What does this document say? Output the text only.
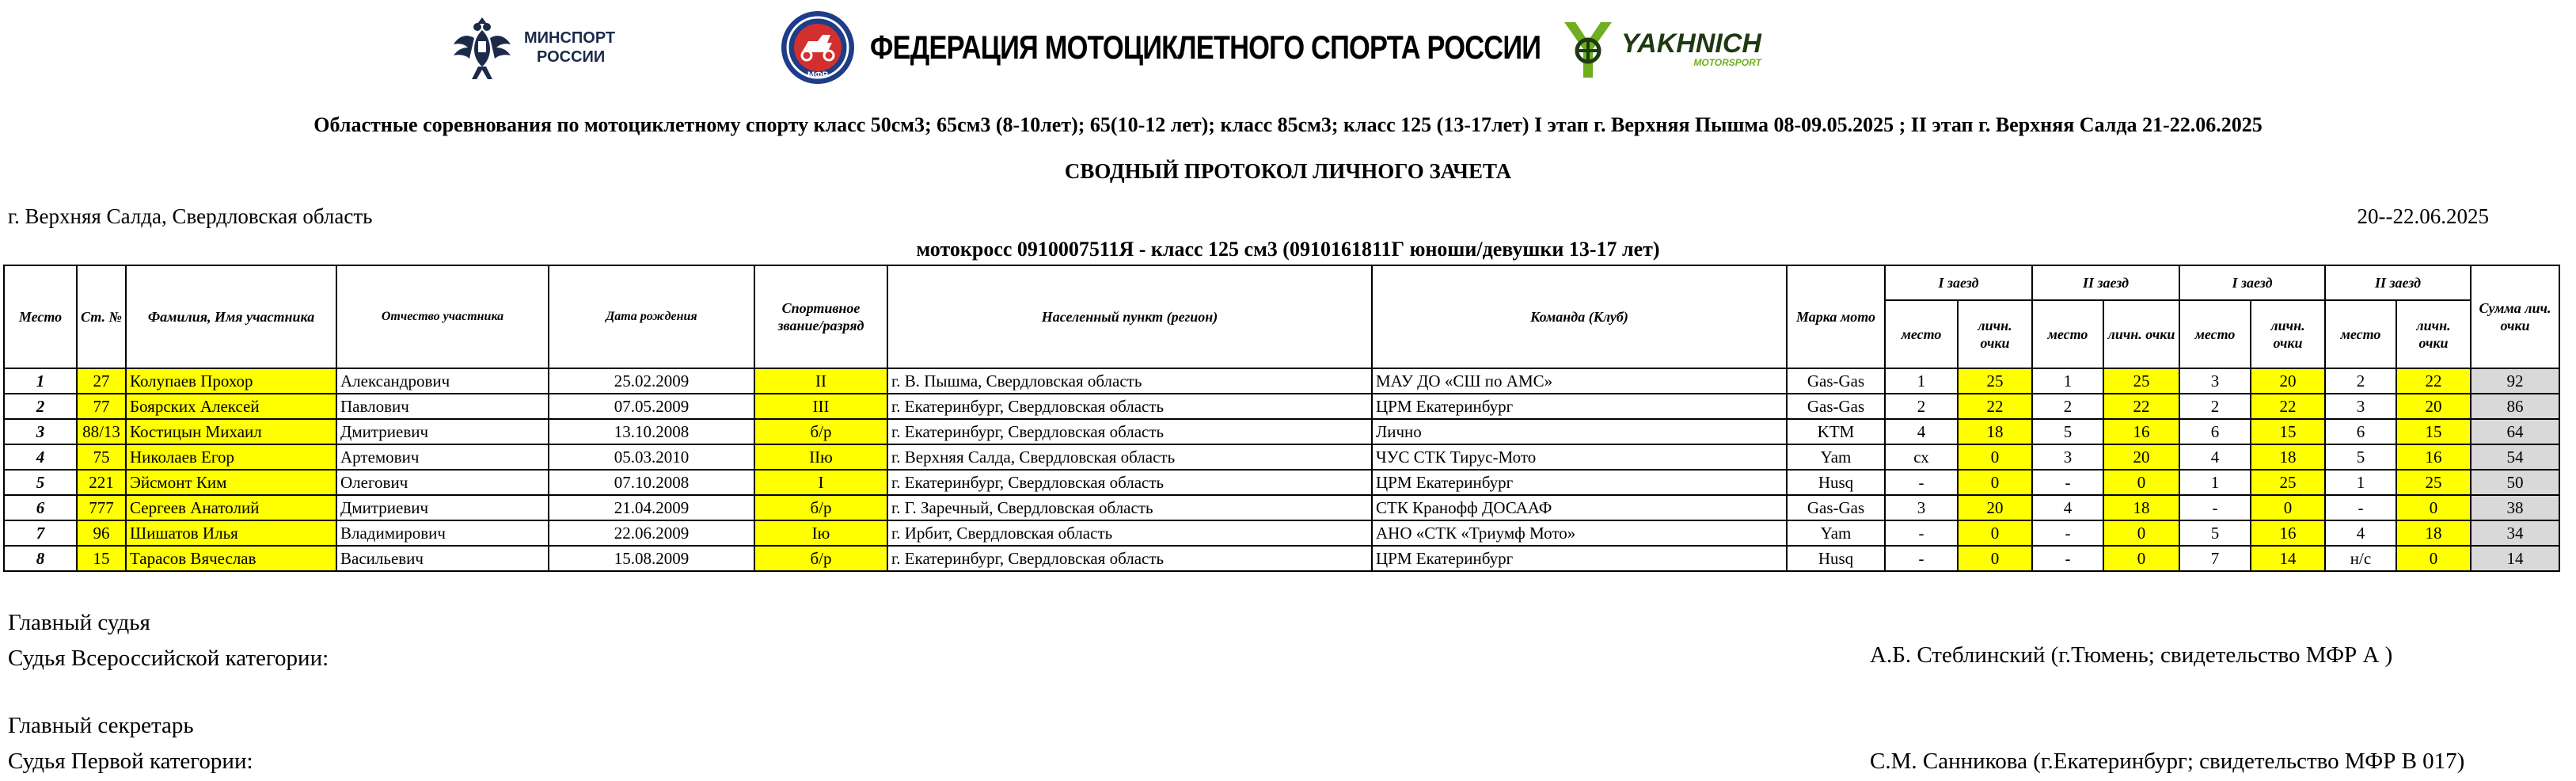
МИНСПОРТ
РОССИИ
МФР
ФЕДЕРАЦИЯ МОТОЦИКЛЕТНОГО СПОРТА РОССИИ	YAKHNICH
MOTORSPORT
Областные соревнования по мотоциклетному спорту класс 50см3; 65см3 (8-10лет); 65(10-12 лет); класс 85см3; класс 125 (13-17лет) I этап г. Верхняя Пышма 08-09.05.2025 ; II этап г. Верхняя Салда 21-22.06.2025
СВОДНЫЙ ПРОТОКОЛ ЛИЧНОГО ЗАЧЕТА
г. Верхняя Салда, Свердловская область	20--22.06.2025
мотокросс 0910007511Я - класс 125 см3 (0910161811Г юноши/девушки 13-17 лет)
Место	Ст. №	Фамилия, Имя участника	Отчество участника	Дата рождения	Спортивное звание/разряд	Населенный пункт (регион)	Команда (Клуб)	Марка мото	I заезд		II заезд		I заезд		II заезд		Сумма лич. очки
									место	личн. очки	место	личн. очки	место	личн. очки	место	личн. очки	
1	27	Колупаев Прохор	Александрович	25.02.2009	II	г. В. Пышма, Свердловская область	МАУ ДО «СШ по АМС»	Gas-Gas	1	25	1	25	3	20	2	22	92
2	77	Боярских Алексей	Павлович	07.05.2009	III	г. Екатеринбург, Свердловская область	ЦРМ Екатеринбург	Gas-Gas	2	22	2	22	2	22	3	20	86
3	88/13	Костицын Михаил	Дмитриевич	13.10.2008	б/р	г. Екатеринбург, Свердловская область	Лично	KTM	4	18	5	16	6	15	6	15	64
4	75	Николаев Егор	Артемович	05.03.2010	IIю	г. Верхняя Салда, Свердловская область	ЧУС СТК Тирус-Мото	Yam	сх	0	3	20	4	18	5	16	54
5	221	Эйсмонт Ким	Олегович	07.10.2008	I	г. Екатеринбург, Свердловская область	ЦРМ Екатеринбург	Husq	-	0	-	0	1	25	1	25	50
6	777	Сергеев Анатолий	Дмитриевич	21.04.2009	б/р	г. Г. Заречный, Свердловская область	СТК Кранофф ДОСААФ	Gas-Gas	3	20	4	18	-	0	-	0	38
7	96	Шишатов Илья	Владимирович	22.06.2009	Iю	г. Ирбит, Свердловская область	АНО «СТК «Триумф Мото»	Yam	-	0	-	0	5	16	4	18	34
8	15	Тарасов Вячеслав	Васильевич	15.08.2009	б/р	г. Екатеринбург, Свердловская область	ЦРМ Екатеринбург	Husq	-	0	-	0	7	14	н/с	0	14
Главный судья
Судья Всероссийской категории:	А.Б. Стеблинский (г.Тюмень; свидетельство МФР А )
Главный секретарь
Судья Первой категории:	С.М. Санникова (г.Екатеринбург; свидетельство МФР В 017)
